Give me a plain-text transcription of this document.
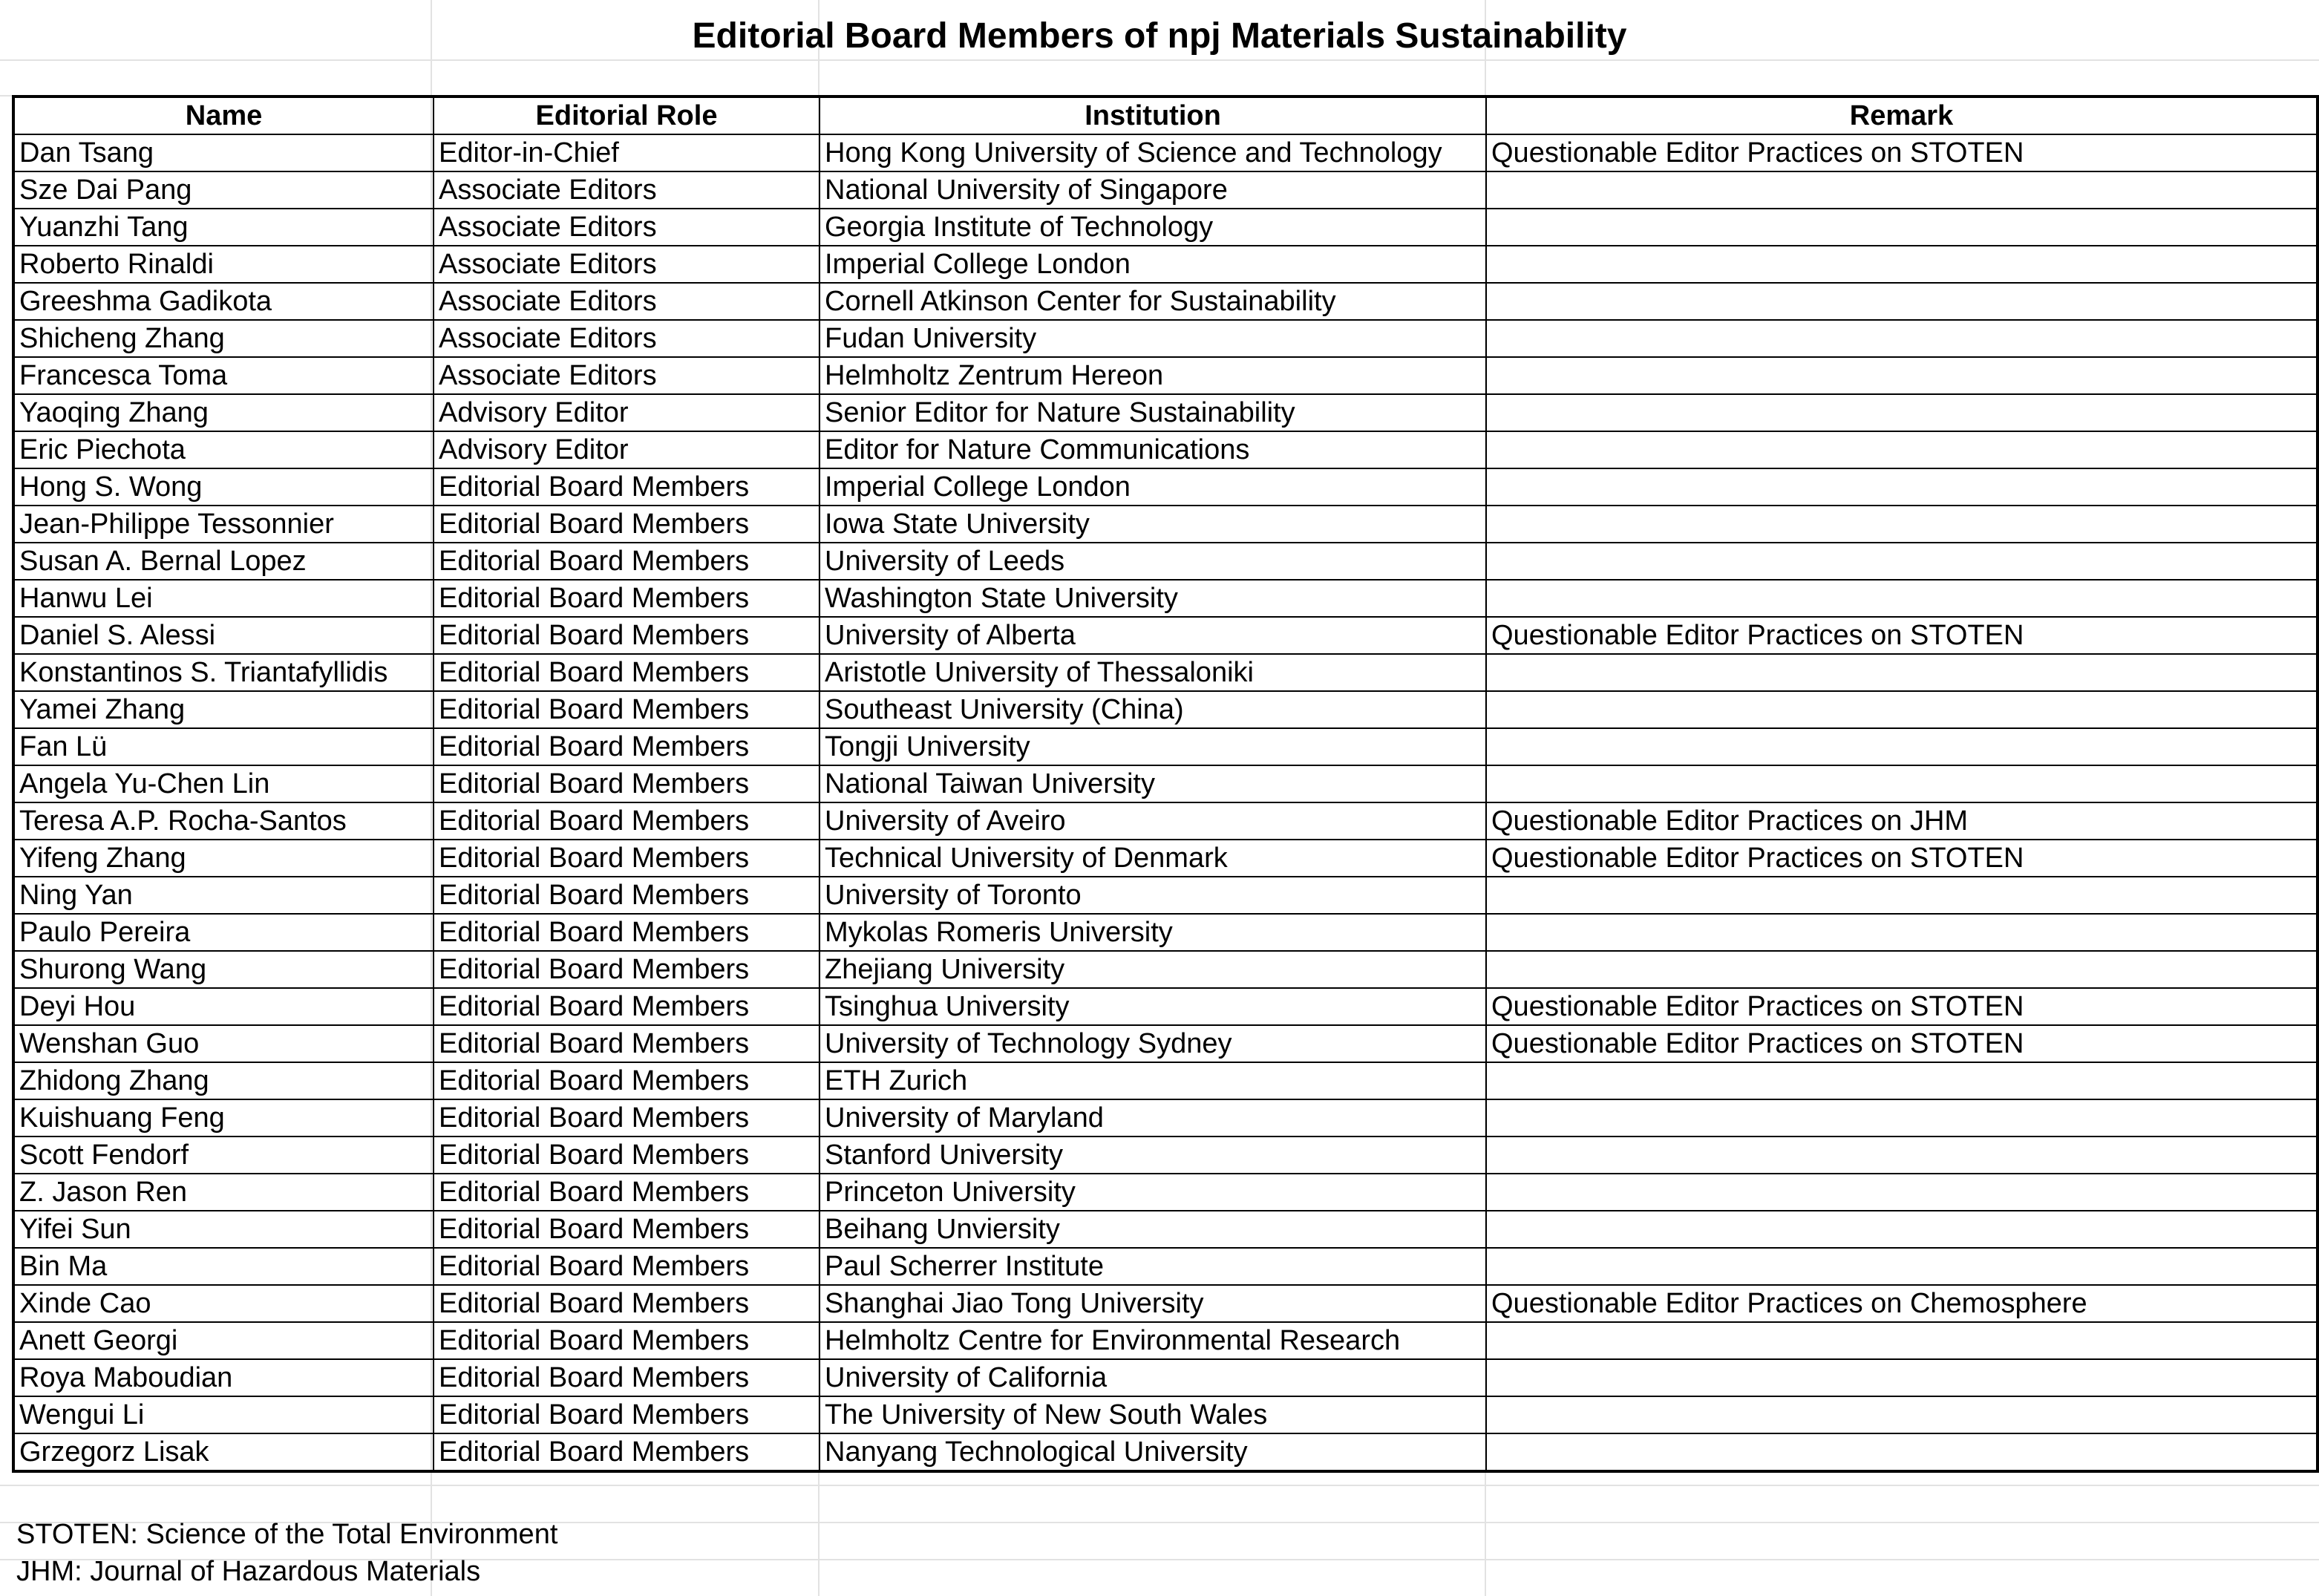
Editorial Board Members of npj Materials Sustainability
Name	Editorial Role	Institution	Remark
Dan Tsang	Editor-in-Chief	Hong Kong University of Science and Technology	Questionable Editor Practices on STOTEN
Sze Dai Pang	Associate Editors	National University of Singapore	
Yuanzhi Tang	Associate Editors	Georgia Institute of Technology	
Roberto Rinaldi	Associate Editors	Imperial College London	
Greeshma Gadikota	Associate Editors	Cornell Atkinson Center for Sustainability	
Shicheng Zhang	Associate Editors	Fudan University	
Francesca Toma	Associate Editors	Helmholtz Zentrum Hereon	
Yaoqing Zhang	Advisory Editor	Senior Editor for Nature Sustainability	
Eric Piechota	Advisory Editor	Editor for Nature Communications	
Hong S. Wong	Editorial Board Members	Imperial College London	
Jean-Philippe Tessonnier	Editorial Board Members	Iowa State University	
Susan A. Bernal Lopez	Editorial Board Members	University of Leeds	
Hanwu Lei	Editorial Board Members	Washington State University	
Daniel S. Alessi	Editorial Board Members	University of Alberta	Questionable Editor Practices on STOTEN
Konstantinos S. Triantafyllidis	Editorial Board Members	Aristotle University of Thessaloniki	
Yamei Zhang	Editorial Board Members	Southeast University (China)	
Fan Lü	Editorial Board Members	Tongji University	
Angela Yu-Chen Lin	Editorial Board Members	National Taiwan University	
Teresa A.P. Rocha-Santos	Editorial Board Members	University of Aveiro	Questionable Editor Practices on JHM
Yifeng Zhang	Editorial Board Members	Technical University of Denmark	Questionable Editor Practices on STOTEN
Ning Yan	Editorial Board Members	University of Toronto	
Paulo Pereira	Editorial Board Members	Mykolas Romeris University	
Shurong Wang	Editorial Board Members	Zhejiang University	
Deyi Hou	Editorial Board Members	Tsinghua University	Questionable Editor Practices on STOTEN
Wenshan Guo	Editorial Board Members	University of Technology Sydney	Questionable Editor Practices on STOTEN
Zhidong Zhang	Editorial Board Members	ETH Zurich	
Kuishuang Feng	Editorial Board Members	University of Maryland	
Scott Fendorf	Editorial Board Members	Stanford University	
Z. Jason Ren	Editorial Board Members	Princeton University	
Yifei Sun	Editorial Board Members	Beihang Unviersity	
Bin Ma	Editorial Board Members	Paul Scherrer Institute	
Xinde Cao	Editorial Board Members	Shanghai Jiao Tong University	Questionable Editor Practices on Chemosphere
Anett Georgi	Editorial Board Members	Helmholtz Centre for Environmental Research	
Roya Maboudian	Editorial Board Members	University of California	
Wengui Li	Editorial Board Members	The University of New South Wales	
Grzegorz Lisak	Editorial Board Members	Nanyang Technological University	
STOTEN: Science of the Total Environment
JHM: Journal of Hazardous Materials
